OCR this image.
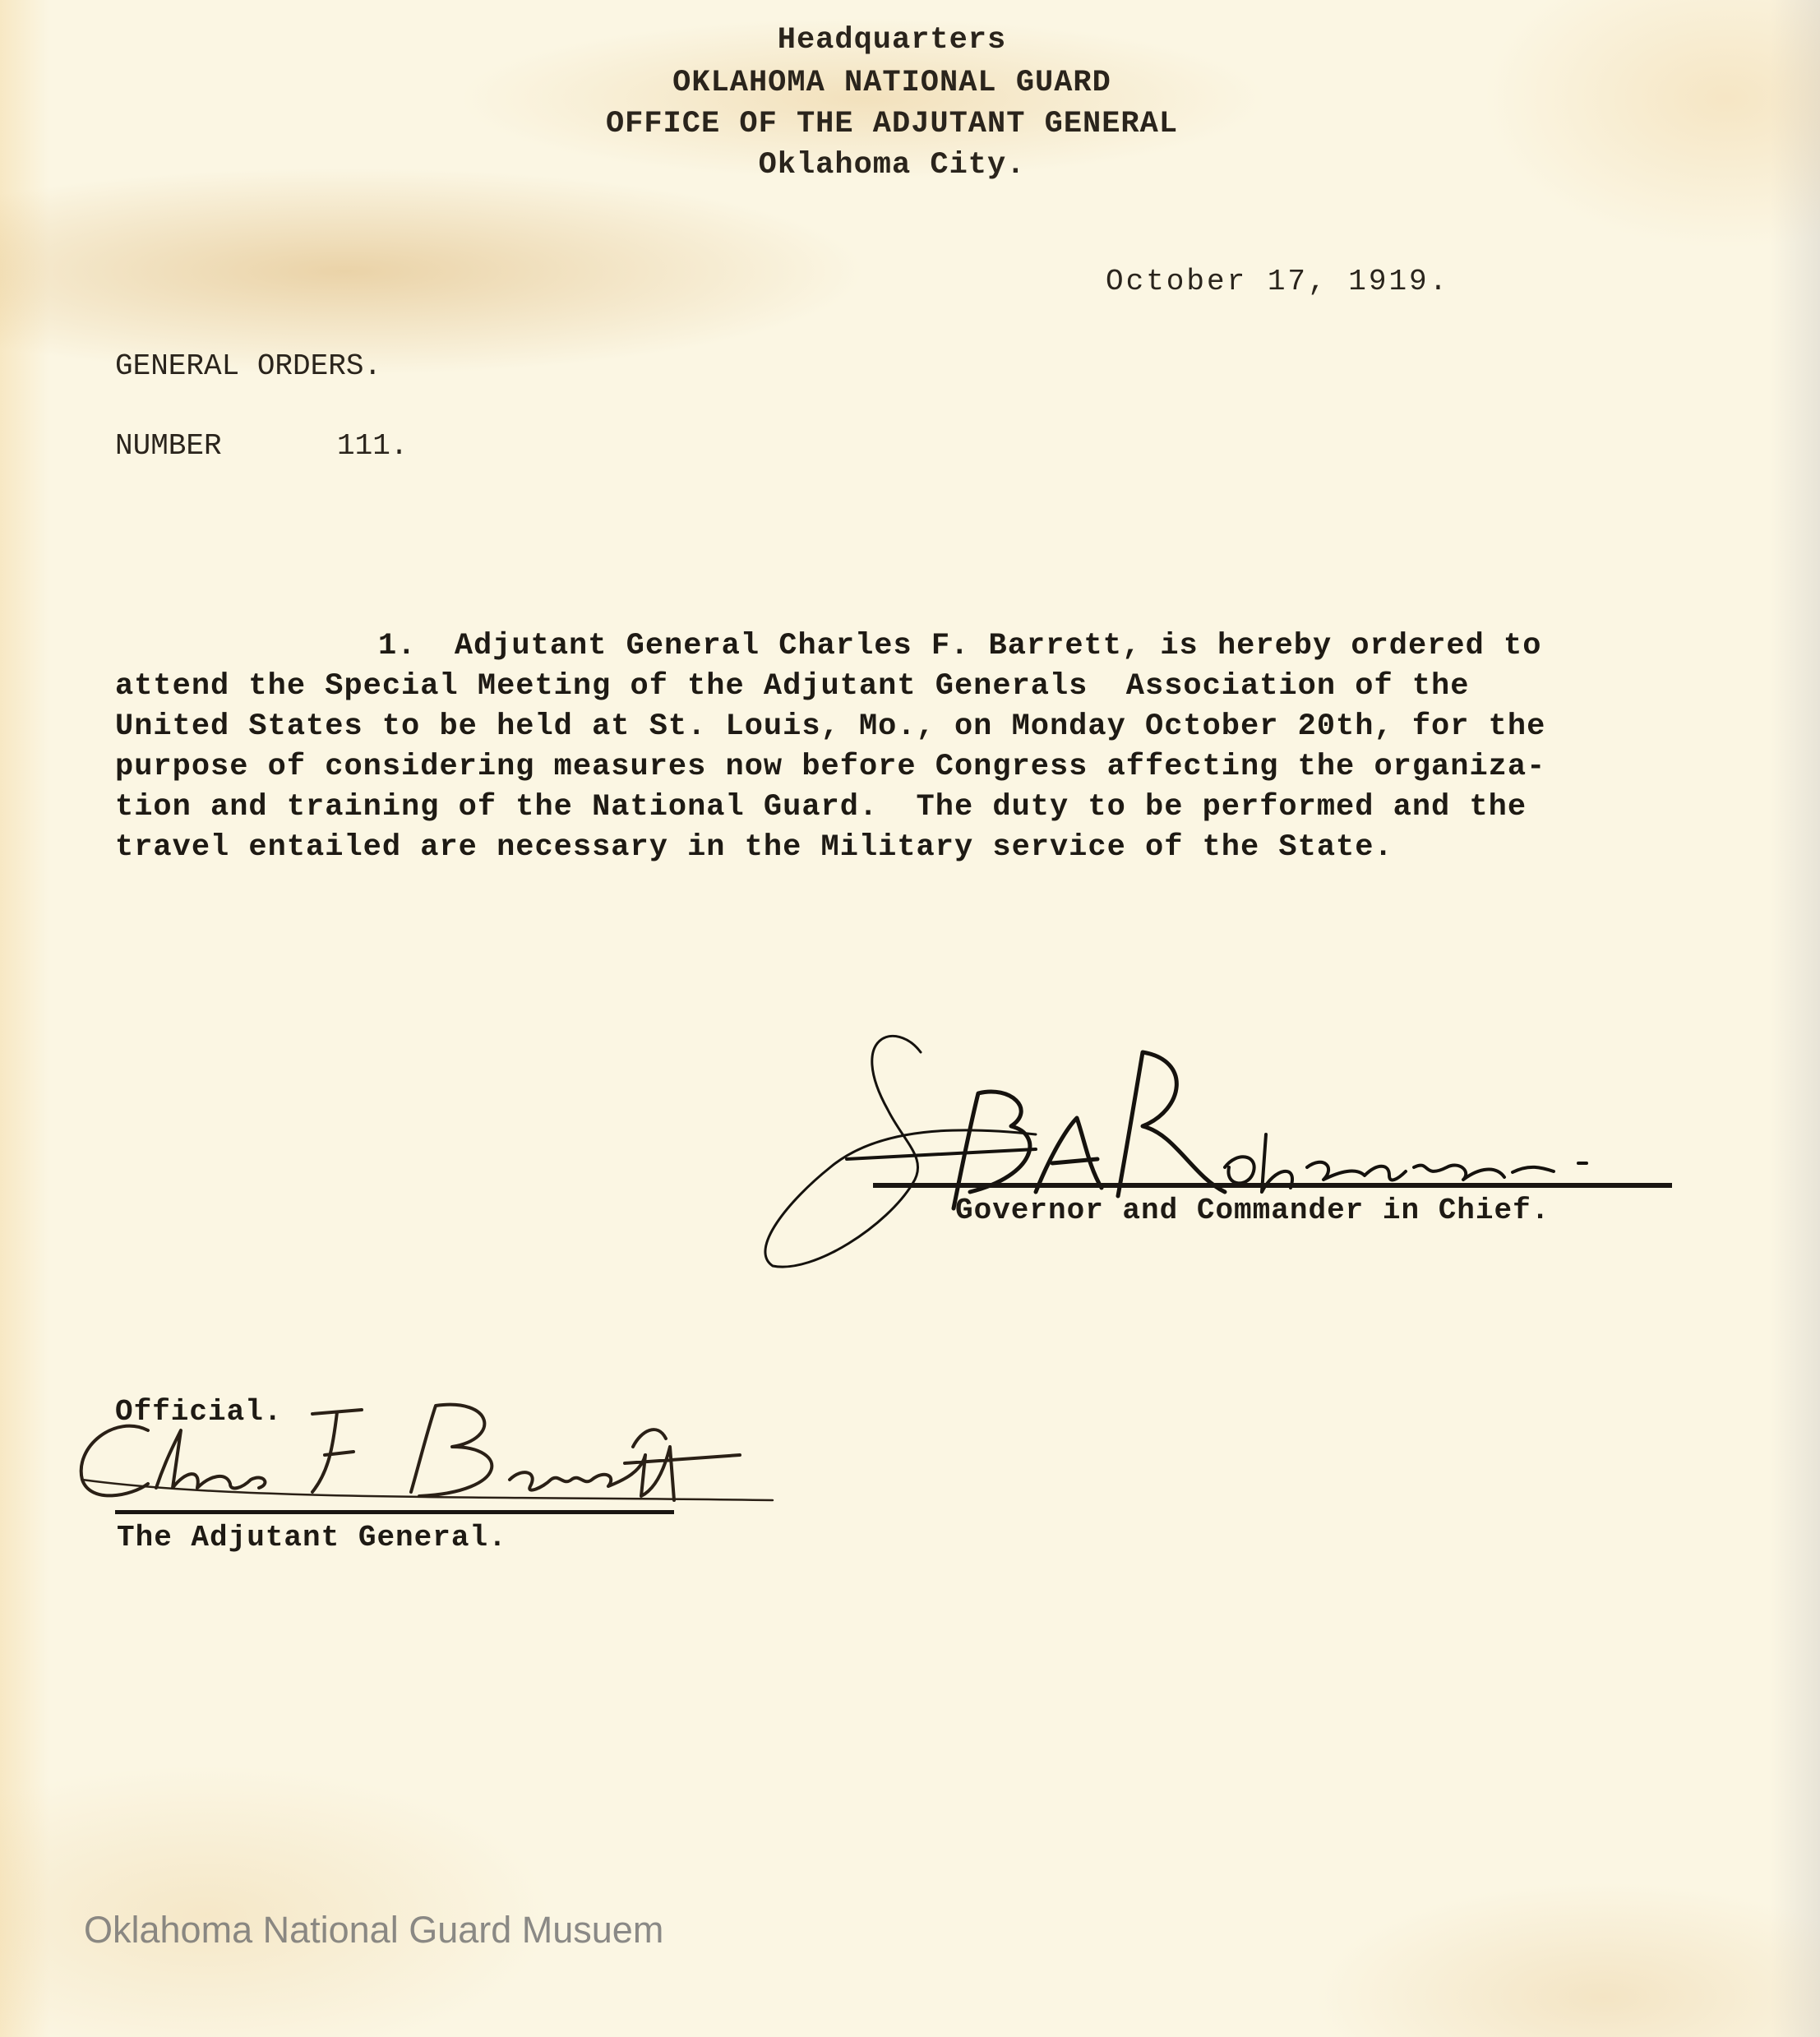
Headquarters
OKLAHOMA NATIONAL GUARD
OFFICE OF THE ADJUTANT GENERAL
Oklahoma City.
October 17, 1919.
GENERAL ORDERS.
NUMBER	111.
1.  Adjutant General Charles F. Barrett, is hereby ordered to
attend the Special Meeting of the Adjutant Generals  Association of the
United States to be held at St. Louis, Mo., on Monday October 20th, for the
purpose of considering measures now before Congress affecting the organiza-
tion and training of the National Guard.  The duty to be performed and the
travel entailed are necessary in the Military service of the State.
Governor and Commander in Chief.
Official.
The Adjutant General.
Oklahoma National Guard Musuem
